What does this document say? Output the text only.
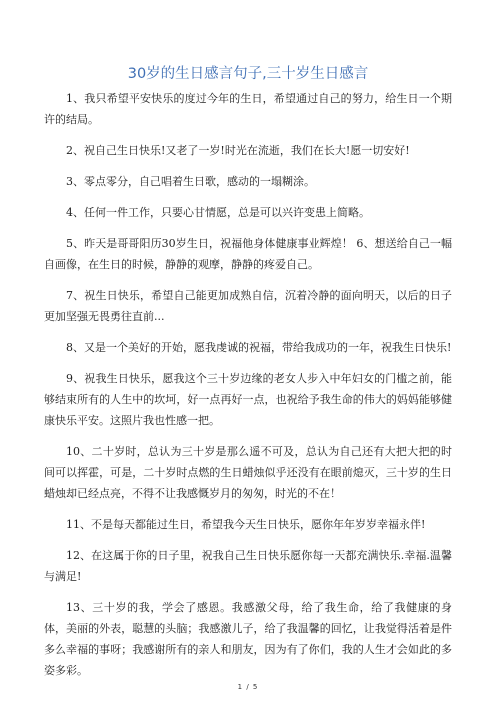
30岁的生日感言句子,三十岁生日感言

1、我只希望平安快乐的度过今年的生日，希望通过自己的努力，给生日一个期许的结局。

2、祝自己生日快乐!又老了一岁!时光在流逝，我们在长大!愿一切安好!

3、零点零分，自己唱着生日歌，感动的一塌糊涂。

4、任何一件工作，只要心甘情愿，总是可以兴许变患上简略。

5、昨天是哥哥阳历30岁生日，祝福他身体健康事业辉煌！ 6、想送给自己一幅自画像，在生日的时候，静静的观摩，静静的疼爱自己。

7、祝生日快乐，希望自己能更加成熟自信，沉着冷静的面向明天，以后的日子更加坚强无畏勇往直前...

8、又是一个美好的开始，愿我虔诚的祝福，带给我成功的一年，祝我生日快乐!

9、祝我生日快乐，愿我这个三十岁边缘的老女人步入中年妇女的门槛之前，能够结束所有的人生中的坎坷，好一点再好一点，也祝给予我生命的伟大的妈妈能够健康快乐平安。这照片我也性感一把。

10、二十岁时，总认为三十岁是那么遥不可及，总认为自己还有大把大把的时间可以挥霍，可是，二十岁时点燃的生日蜡烛似乎还没有在眼前熄灭，三十岁的生日蜡烛却已经点亮，不得不让我感慨岁月的匆匆，时光的不在！

11、不是每天都能过生日，希望我今天生日快乐，愿你年年岁岁幸福永伴!

12、在这属于你的日子里，祝我自己生日快乐愿你每一天都充满快乐.幸福.温馨与满足!

13、三十岁的我，学会了感恩。我感激父母，给了我生命，给了我健康的身体，美丽的外表，聪慧的头脑；我感激儿子，给了我温馨的回忆，让我觉得活着是件多么幸福的事呀；我感谢所有的亲人和朋友，因为有了你们，我的人生才会如此的多姿多彩。

1 / 5
